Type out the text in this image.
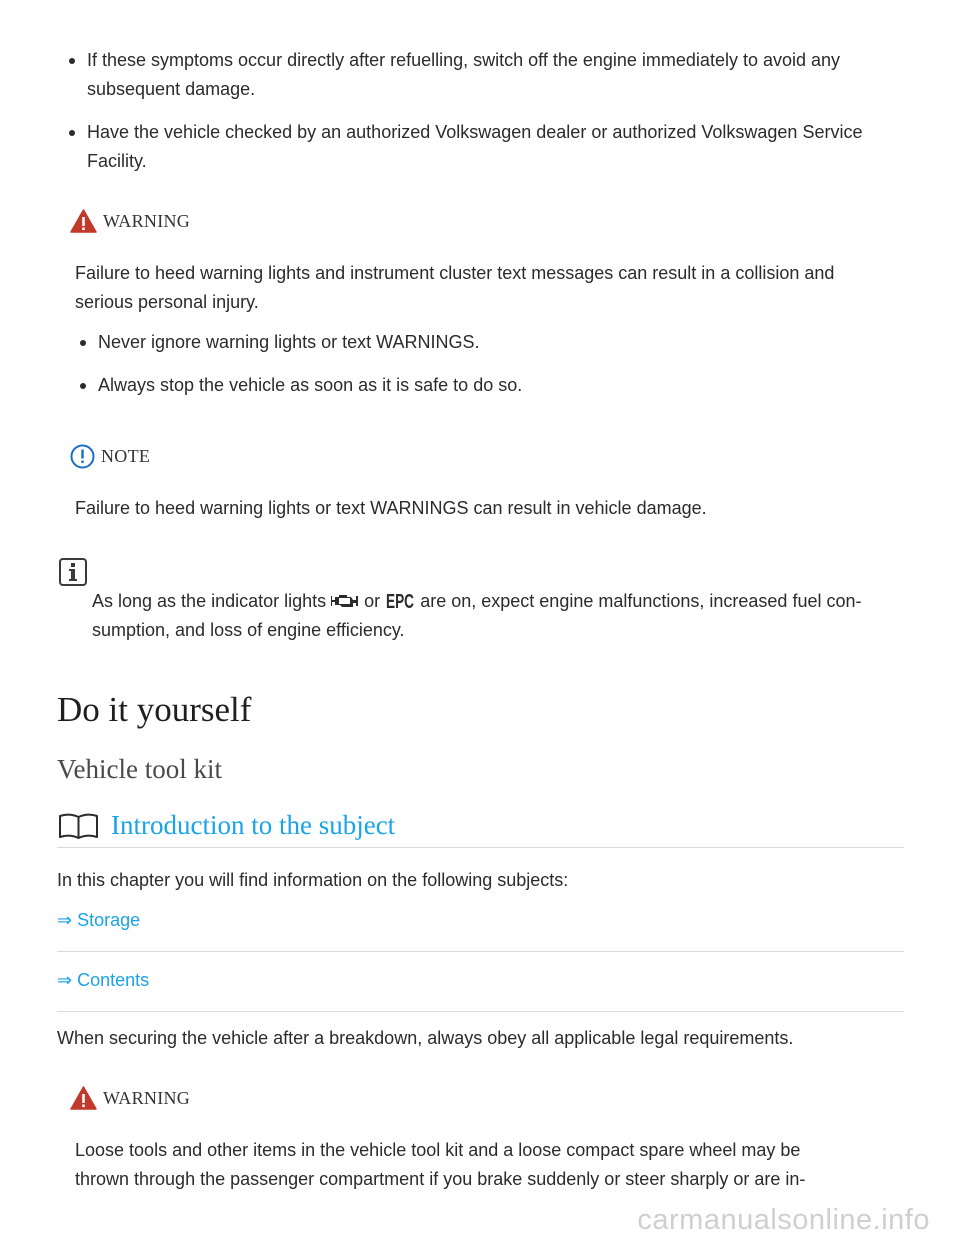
If these symptoms occur directly after refuelling, switch off the engine immediately to avoid any
subsequent damage.
Have the vehicle checked by an authorized Volkswagen dealer or authorized Volkswagen Service
Facility.
WARNING
Failure to heed warning lights and instrument cluster text messages can result in a collision and
serious personal injury.
Never ignore warning lights or text WARNINGS.
Always stop the vehicle as soon as it is safe to do so.
NOTE
Failure to heed warning lights or text WARNINGS can result in vehicle damage.
As long as the indicator lights or EPC are on, expect engine malfunctions, increased fuel con-
sumption, and loss of engine efficiency.
Do it yourself
Vehicle tool kit
Introduction to the subject
In this chapter you will find information on the following subjects:
⇒ Storage
⇒ Contents
When securing the vehicle after a breakdown, always obey all applicable legal requirements.
WARNING
Loose tools and other items in the vehicle tool kit and a loose compact spare wheel may be
thrown through the passenger compartment if you brake suddenly or steer sharply or are in-
carmanualsonline.info
